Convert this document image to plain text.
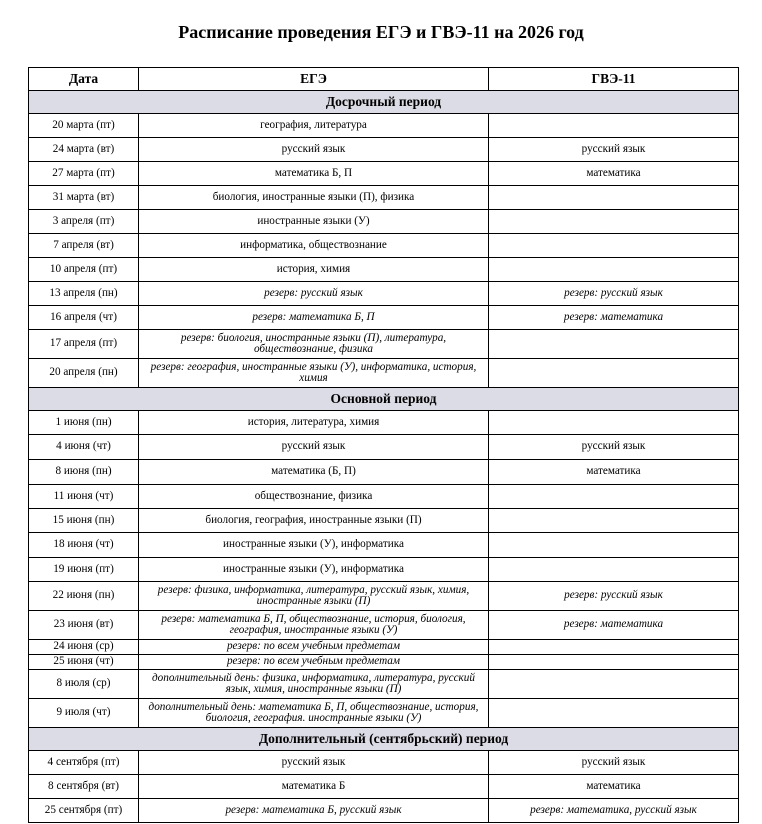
Расписание проведения ЕГЭ и ГВЭ-11 на 2026 год
Дата	ЕГЭ	ГВЭ-11
Досрочный период		
20 марта (пт)	география, литература	
24 марта (вт)	русский язык	русский язык
27 марта (пт)	математика Б, П	математика
31 марта (вт)	биология, иностранные языки (П), физика	
3 апреля (пт)	иностранные языки (У)	
7 апреля (вт)	информатика, обществознание	
10 апреля (пт)	история, химия	
13 апреля (пн)	резерв: русский язык	резерв: русский язык
16 апреля (чт)	резерв: математика Б, П	резерв: математика
17 апреля (пт)	резерв: биология, иностранные языки (П), литература, обществознание, физика	
20 апреля (пн)	резерв: география, иностранные языки (У), информатика, история, химия	
Основной период		
1 июня (пн)	история, литература, химия	
4 июня (чт)	русский язык	русский язык
8 июня (пн)	математика (Б, П)	математика
11 июня (чт)	обществознание, физика	
15 июня (пн)	биология, география, иностранные языки (П)	
18 июня (чт)	иностранные языки (У), информатика	
19 июня (пт)	иностранные языки (У), информатика	
22 июня (пн)	резерв: физика, информатика, литература, русский язык, химия, иностранные языки (П)	резерв: русский язык
23 июня (вт)	резерв: математика Б, П, обществознание, история, биология, география, иностранные языки (У)	резерв: математика
24 июня (ср)	резерв: по всем учебным предметам	
25 июня (чт)	резерв: по всем учебным предметам	
8 июля (ср)	дополнительный день: физика, информатика, литература, русский язык, химия, иностранные языки (П)	
9 июля (чт)	дополнительный день: математика Б, П, обществознание, история, биология, география. иностранные языки (У)	
Дополнительный (сентябрьский) период		
4 сентября (пт)	русский язык	русский язык
8 сентября (вт)	математика Б	математика
25 сентября (пт)	резерв: математика Б, русский язык	резерв: математика, русский язык
